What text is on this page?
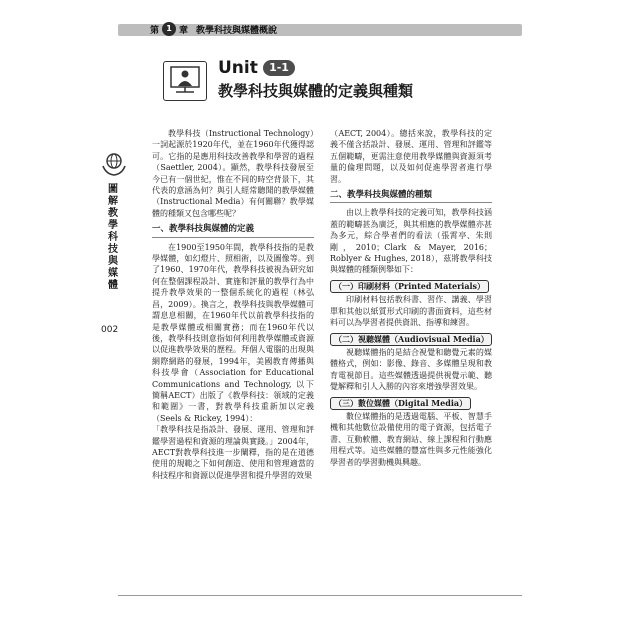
第 1 章 教學科技與媒體概說
Unit	1-1
教學科技與媒體的定義與種類
圖解教學科技與媒體
002

教學科技（Instructional Technology）一詞起源於1920年代，並在1960年代獲得認可。它指的是應用科技改善教學和學習的過程（Saettler, 2004）。顯然，教學科技發展至今已有一個世紀，惟在不同的時空背景下，其代表的意涵為何？與引人經常聽聞的教學媒體（Instructional Media）有何關聯？教學媒體的種類又包含哪些呢？

一、教學科技與媒體的定義

在1900至1950年間，教學科技指的是教學媒體，如幻燈片、照相術，以及圖像等。到了1960、1970年代，教學科技被視為研究如何在整個課程設計、實施和評量的教學行為中提升教學效果的一整個系統化的過程（林弘昌，2009）。換言之，教學科技與教學媒體可謂息息相關，在1960年代以前教學科技指的是教學媒體或相關實務；而在1960年代以後，教學科技則意指如何利用教學媒體或資源以促進教學效果的歷程。拜個人電腦的出現與網際網路的發展，1994年，美國教育傳播與科技學會（Association for Educational Communications and Technology, 以下簡稱AECT）出版了《教學科技：領域的定義和範圍》一書，對教學科技重新加以定義（Seels & Rickey, 1994）：

「教學科技是指設計、發展、運用、管理和評鑑學習過程和資源的理論與實踐。」2004年，AECT對教學科技進一步闡釋，指的是在道德使用的規範之下如何創造、使用和管理適當的科技程序和資源以促進學習和提升學習的效果

（AECT, 2004）。總括來說，教學科技的定義不僅含括設計、發展、運用、管理和評鑑等五個範疇，更需注意使用教學媒體與資源須考量的倫理問題，以及如何促進學習者進行學習。

二、教學科技與媒體的種類

由以上教學科技的定義可知，教學科技涵蓋的範疇甚為廣泛，與其相應的教學媒體亦甚為多元，綜合學者們的看法（張霄亭、朱則剛，2010；Clark & Mayer, 2016；Roblyer & Hughes, 2018），茲將教學科技與媒體的種類例舉如下：

（一）印刷材料（Printed Materials）

印刷材料包括教科書、習作、講義、學習單和其他以紙質形式印刷的書面資料，這些材料可以為學習者提供資訊、指導和練習。

（二）視聽媒體（Audiovisual Media）

視聽媒體指的是結合視覺和聽覺元素的媒體格式，例如：影像、錄音、多媒體呈現和教育電視節目。這些媒體透過提供視覺示範、聽覺解釋和引人入勝的內容來增強學習效果。

（三）數位媒體（Digital Media）

數位媒體指的是透過電腦、平板、智慧手機和其他數位設備使用的電子資源，包括電子書、互動軟體、教育網站、線上課程和行動應用程式等。這些媒體的豐富性與多元性能強化學習者的學習動機與興趣。
